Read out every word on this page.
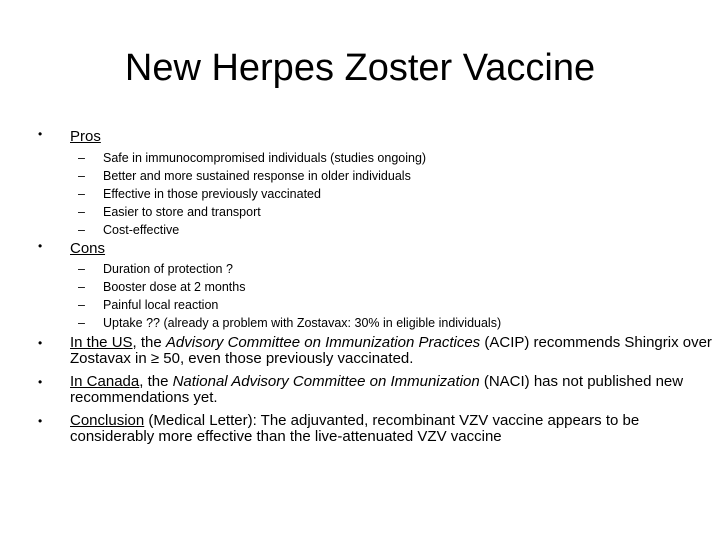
New Herpes Zoster Vaccine
• Pros
– Safe in immunocompromised individuals (studies ongoing)
– Better and more sustained response in older individuals
– Effective in those previously vaccinated
– Easier to store and transport
– Cost-effective
• Cons
– Duration of protection ?
– Booster dose at 2 months
– Painful local reaction
– Uptake ?? (already a problem with Zostavax: 30% in eligible individuals)
• In the US, the Advisory Committee on Immunization Practices (ACIP) recommends Shingrix over Zostavax in ≥ 50, even those previously vaccinated.
• In Canada, the National Advisory Committee on Immunization (NACI) has not published new recommendations yet.
• Conclusion (Medical Letter): The adjuvanted, recombinant VZV vaccine appears to be considerably more effective than the live-attenuated VZV vaccine
